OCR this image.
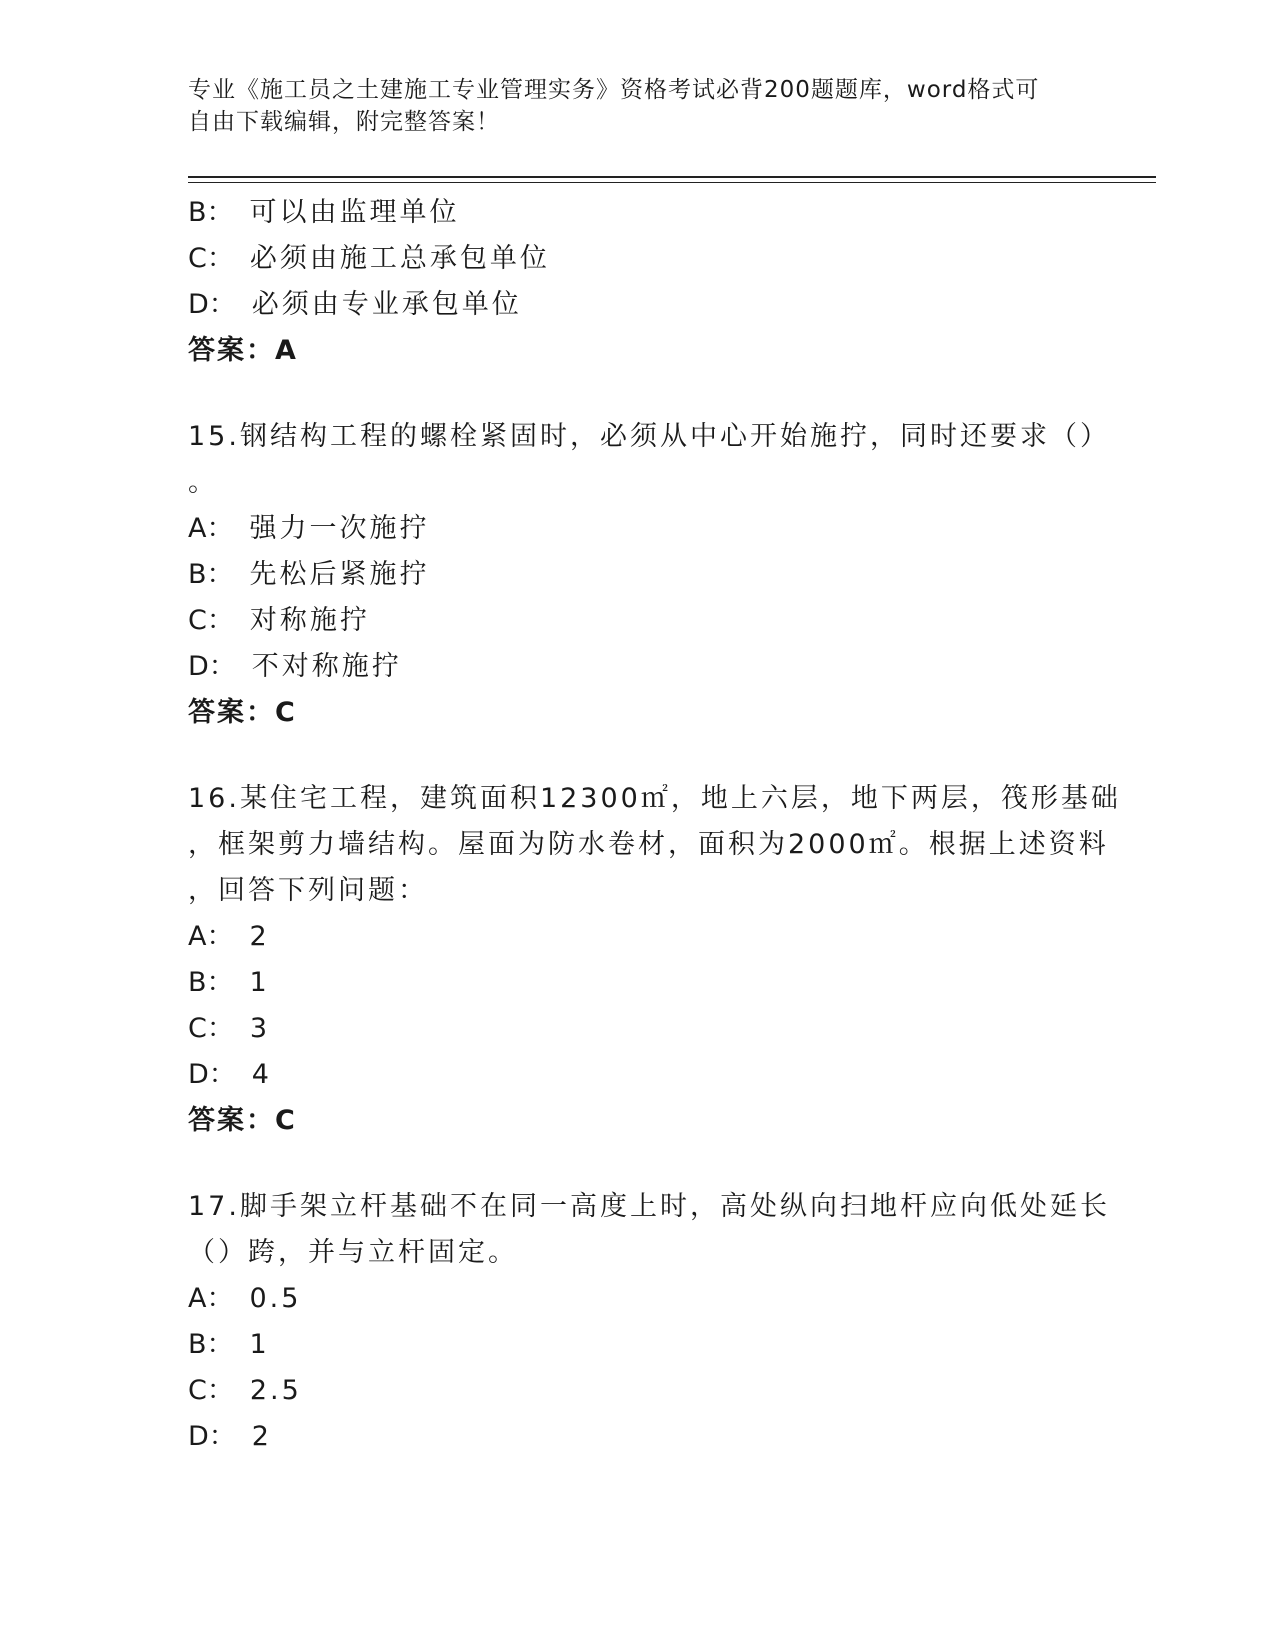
专业《施工员之土建施工专业管理实务》资格考试必背200题题库，word格式可
自由下载编辑，附完整答案！
B： 可以由监理单位
C： 必须由施工总承包单位
D： 必须由专业承包单位
答案：A
15.钢结构工程的螺栓紧固时，必须从中心开始施拧，同时还要求（）
。
A： 强力一次施拧
B： 先松后紧施拧
C： 对称施拧
D： 不对称施拧
答案：C
16.某住宅工程，建筑面积12300㎡，地上六层，地下两层，筏形基础
，框架剪力墙结构。屋面为防水卷材，面积为2000㎡。根据上述资料
，回答下列问题：
A： 2
B： 1
C： 3
D： 4
答案：C
17.脚手架立杆基础不在同一高度上时，高处纵向扫地杆应向低处延长
（）跨，并与立杆固定。
A： 0.5
B： 1
C： 2.5
D： 2
